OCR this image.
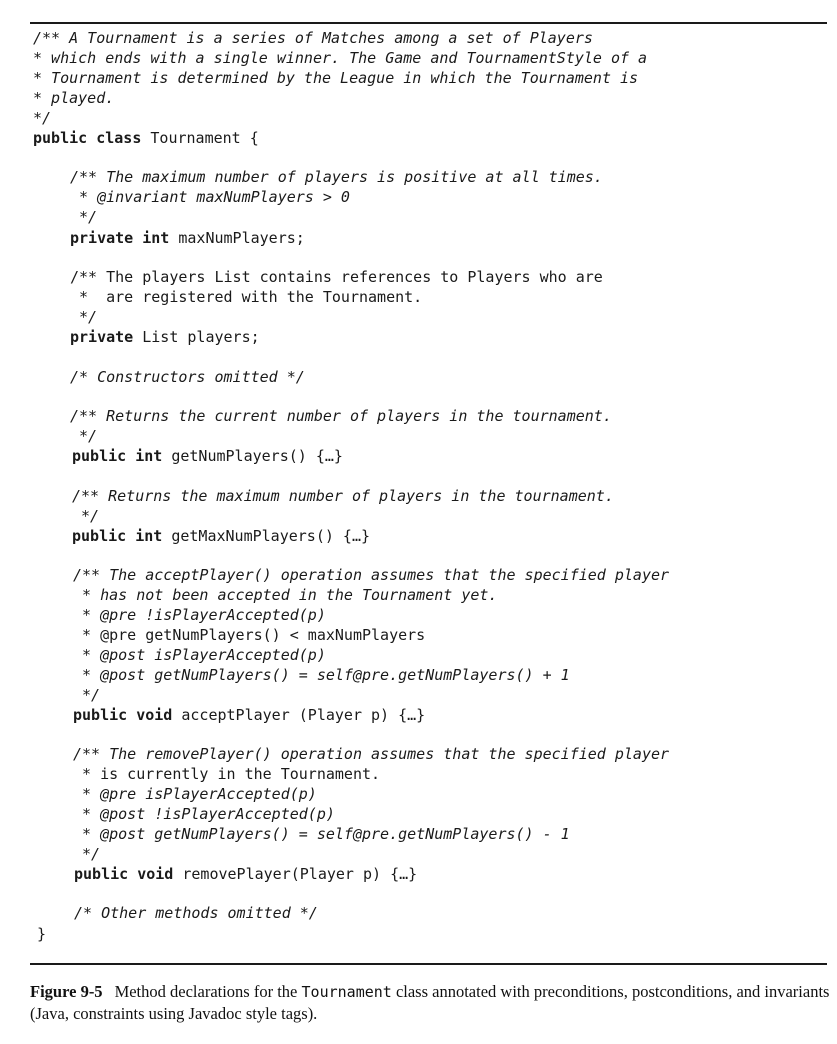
/** A Tournament is a series of Matches among a set of Players
* which ends with a single winner. The Game and TournamentStyle of a
* Tournament is determined by the League in which the Tournament is
* played.
*/
public class Tournament {
/** The maximum number of players is positive at all times.
* @invariant maxNumPlayers > 0
*/
private int maxNumPlayers;
/** The players List contains references to Players who are
*  are registered with the Tournament.
*/
private List players;
/* Constructors omitted */
/** Returns the current number of players in the tournament.
*/
public int getNumPlayers() {…}
/** Returns the maximum number of players in the tournament.
*/
public int getMaxNumPlayers() {…}
/** The acceptPlayer() operation assumes that the specified player
* has not been accepted in the Tournament yet.
* @pre !isPlayerAccepted(p)
* @pre getNumPlayers() < maxNumPlayers
* @post isPlayerAccepted(p)
* @post getNumPlayers() = self@pre.getNumPlayers() + 1
*/
public void acceptPlayer (Player p) {…}
/** The removePlayer() operation assumes that the specified player
* is currently in the Tournament.
* @pre isPlayerAccepted(p)
* @post !isPlayerAccepted(p)
* @post getNumPlayers() = self@pre.getNumPlayers() - 1
*/
public void removePlayer(Player p) {…}
/* Other methods omitted */
}
Figure 9-5 Method declarations for the Tournament class annotated with preconditions, postconditions, and invariants (Java, constraints using Javadoc style tags).
